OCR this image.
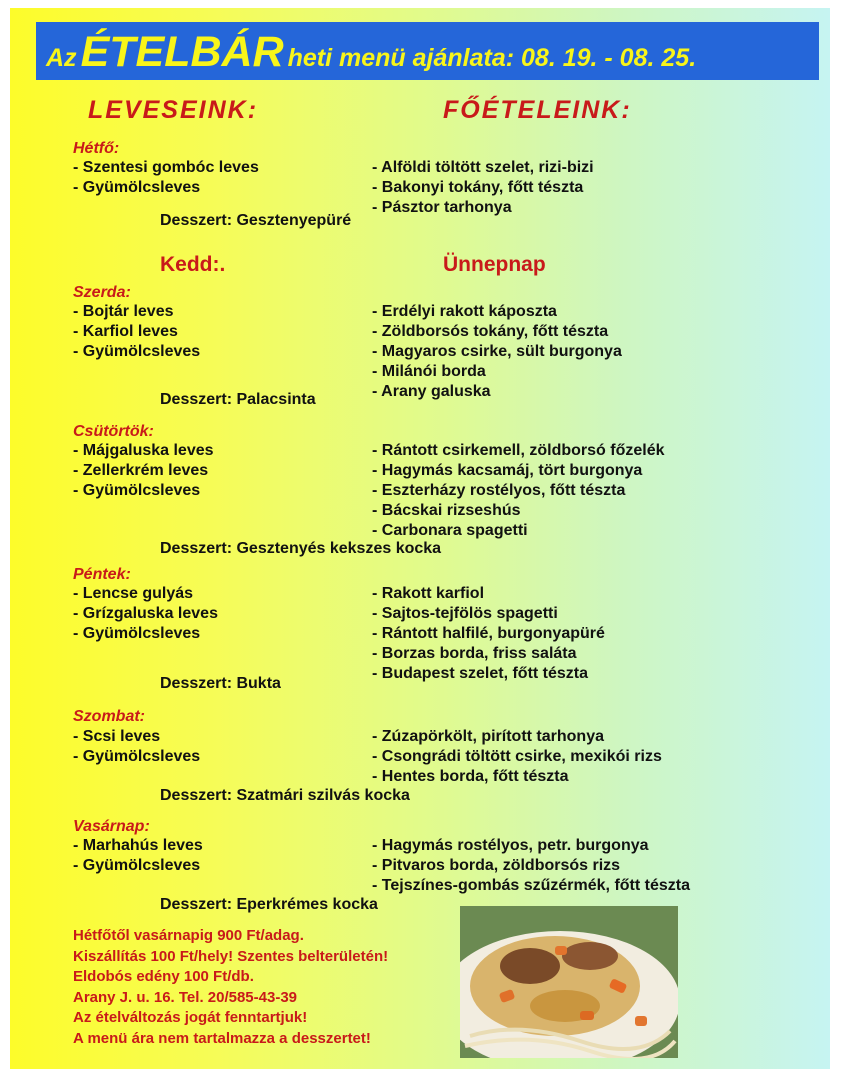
Az ÉTELBÁR heti menü ajánlata: 08. 19. - 08. 25.
LEVESEINK:	FŐÉTELEINK:
Hétfő:
- Szentesi gombóc leves
- Gyümölcsleves
- Alföldi töltött szelet, rizi-bizi
- Bakonyi tokány, főtt tészta
- Pásztor tarhonya
Desszert: Gesztenyepüré
Kedd:.	Ünnepnap
Szerda:
- Bojtár leves
- Karfiol leves
- Gyümölcsleves
- Erdélyi rakott káposzta
- Zöldborsós tokány, főtt tészta
- Magyaros csirke, sült burgonya
- Milánói borda
- Arany galuska
Desszert: Palacsinta
Csütörtök:
- Májgaluska leves
- Zellerkrém leves
- Gyümölcsleves
- Rántott csirkemell, zöldborsó főzelék
- Hagymás kacsamáj, tört burgonya
- Eszterházy rostélyos, főtt tészta
- Bácskai rizseshús
- Carbonara spagetti
Desszert: Gesztenyés kekszes kocka
Péntek:
- Lencse gulyás
- Grízgaluska leves
- Gyümölcsleves
- Rakott karfiol
- Sajtos-tejfölös spagetti
- Rántott halfilé, burgonyapüré
- Borzas borda, friss saláta
- Budapest szelet, főtt tészta
Desszert: Bukta
Szombat:
- Scsi leves
- Gyümölcsleves
- Zúzapörkölt, pirított tarhonya
- Csongrádi töltött csirke, mexikói rizs
- Hentes borda, főtt tészta
Desszert: Szatmári szilvás kocka
Vasárnap:
- Marhahús leves
- Gyümölcsleves
- Hagymás rostélyos, petr. burgonya
- Pitvaros borda, zöldborsós rizs
- Tejszínes-gombás szűzérmék, főtt tészta
Desszert: Eperkrémes kocka
Hétfőtől vasárnapig 900 Ft/adag.
Kiszállítás 100 Ft/hely! Szentes belterületén!
Eldobós edény 100 Ft/db.
Arany J. u. 16. Tel. 20/585-43-39
Az ételváltozás jogát fenntartjuk!
A menü ára nem tartalmazza a desszertet!
